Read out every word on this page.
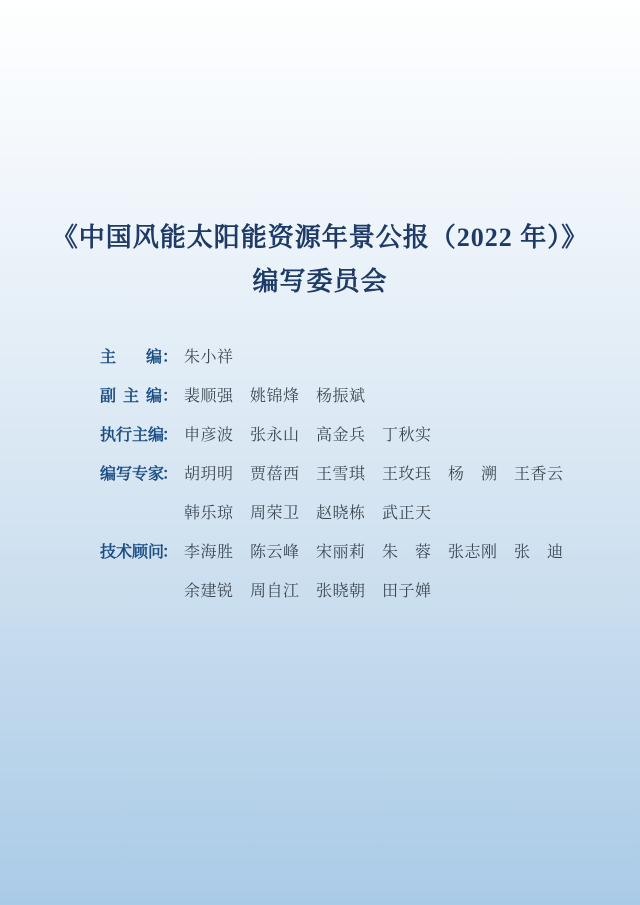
《中国风能太阳能资源年景公报（2022 年）》
编写委员会
主编 ： 朱小祥
副主编 ： 裴顺强　姚锦烽　杨振斌
执行主编
： 申彦波　张永山　高金兵　丁秋实
编写专家
： 胡玥明　贾蓓西　王雪琪　王玫珏　杨　溯　王香云
韩乐琼　周荣卫　赵晓栋　武正天
技术顾问
： 李海胜　陈云峰　宋丽莉　朱　蓉　张志刚　张　迪
余建锐　周自江　张晓朝　田子婵
